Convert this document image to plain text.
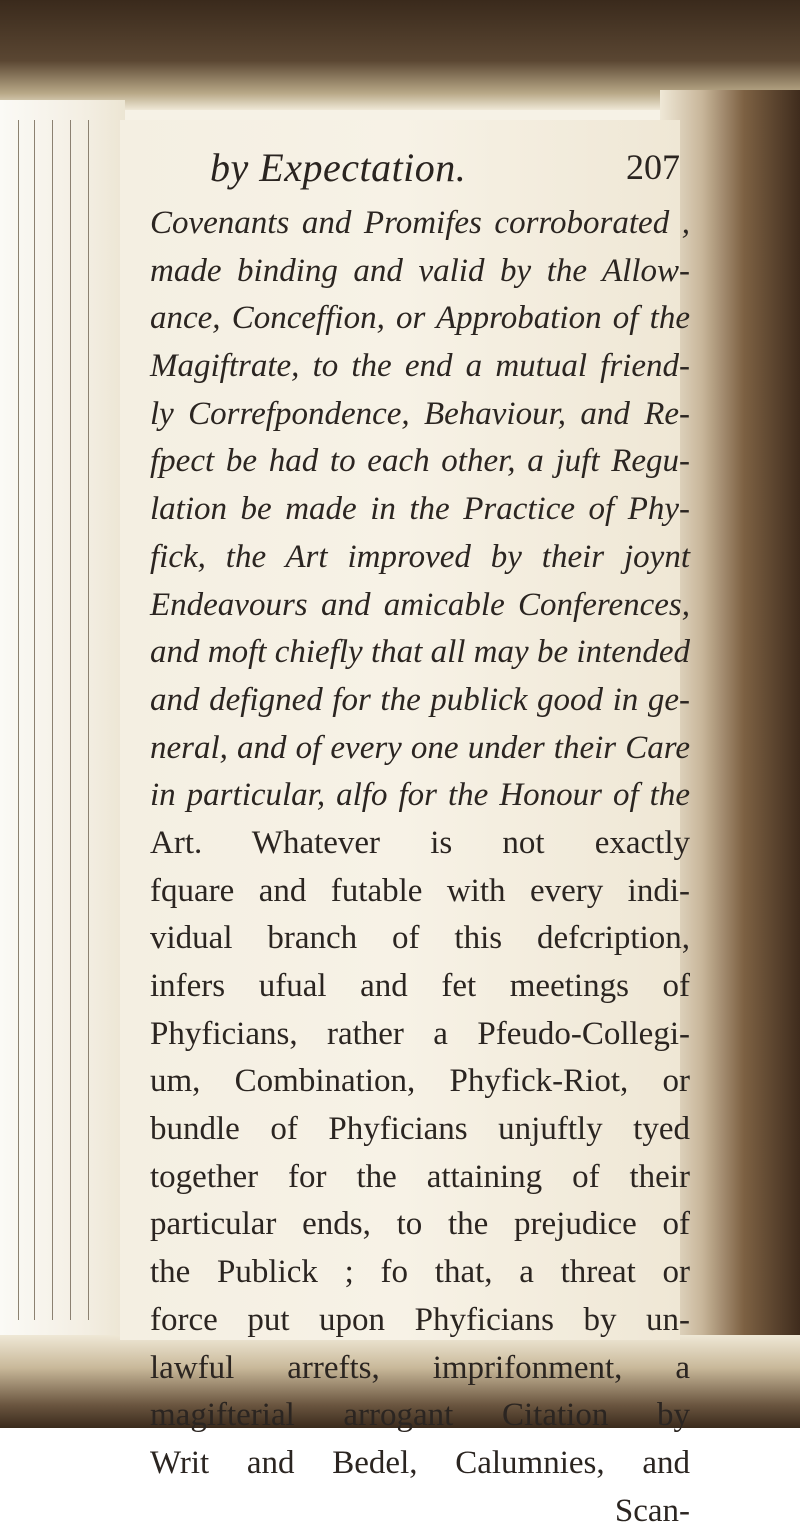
by Expectation.	207
Covenants and Promifes corroborated ,
made binding and valid by the Allow-
ance, Conceffion, or Approbation of the
Magiftrate, to the end a mutual friend-
ly Correfpondence, Behaviour, and Re-
fpect be had to each other, a juft Regu-
lation be made in the Practice of Phy-
fick, the Art improved by their joynt
Endeavours and amicable Conferences,
and moft chiefly that all may be intended
and defigned for the publick good in ge-
neral, and of every one under their Care
in particular, alfo for the Honour of the
Art. Whatever is not exactly
fquare and futable with every indi-
vidual branch of this defcription,
infers ufual and fet meetings of
Phyficians, rather a Pfeudo-Collegi-
um, Combination, Phyfick-Riot, or
bundle of Phyficians unjuftly tyed
together for the attaining of their
particular ends, to the prejudice of
the Publick ; fo that, a threat or
force put upon Phyficians by un-
lawful arrefts, imprifonment, a
magifterial arrogant Citation by
Writ and Bedel, Calumnies, and
Scan-
